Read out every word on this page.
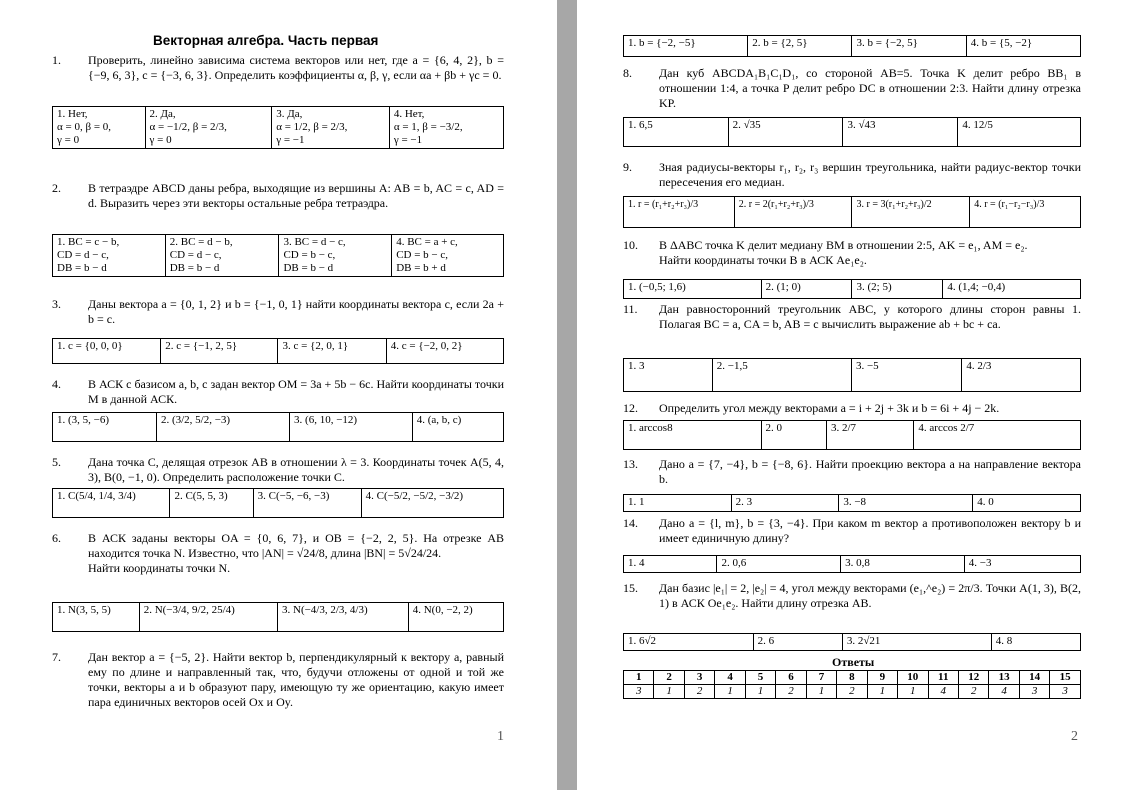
Векторная алгебра. Часть первая
1. Проверить, линейно зависима система векторов или нет, где a = {6, 4, 2}, b = {−9, 6, 3}, c = {−3, 6, 3}. Определить коэффициенты α, β, γ, если αa + βb + γc = 0.
1. Нет,
α = 0, β = 0,
γ = 0	2. Да,
α = −1/2, β = 2/3,
γ = 0	3. Да,
α = 1/2, β = 2/3,
γ = −1	4. Нет,
α = 1, β = −3/2,
γ = −1
2. В тетраэдре ABCD даны ребра, выходящие из вершины A: AB = b, AC = c, AD = d. Выразить через эти векторы остальные ребра тетраэдра.
1. BC = c − b,
CD = d − c,
DB = b − d	2. BC = d − b,
CD = d − c,
DB = b − d	3. BC = d − c,
CD = b − c,
DB = b − d	4. BC = a + c,
CD = b − c,
DB = b + d
3. Даны вектора a = {0, 1, 2} и b = {−1, 0, 1} найти координаты вектора c, если 2a + b = c.
1. c = {0, 0, 0}	2. c = {−1, 2, 5}	3. c = {2, 0, 1}	4. c = {−2, 0, 2}
4. В АСК с базисом a, b, c задан вектор OM = 3a + 5b − 6c. Найти координаты точки M в данной АСК.
1. (3, 5, −6)	2. (3/2, 5/2, −3)	3. (6, 10, −12)	4. (a, b, c)
5. Дана точка C, делящая отрезок AB в отношении λ = 3. Координаты точек A(5, 4, 3), B(0, −1, 0). Определить расположение точки C.
1. C(5/4, 1/4, 3/4)	2. C(5, 5, 3)	3. C(−5, −6, −3)	4. C(−5/2, −5/2, −3/2)
6. В АСК заданы векторы OA = {0, 6, 7}, и OB = {−2, 2, 5}. На отрезке AB находится точка N. Известно, что |AN| = √24/8, длина |BN| = 5√24/24.
Найти координаты точки N.
1. N(3, 5, 5)	2. N(−3/4, 9/2, 25/4)	3. N(−4/3, 2/3, 4/3)	4. N(0, −2, 2)
7. Дан вектор a = {−5, 2}. Найти вектор b, перпендикулярный к вектору a, равный ему по длине и направленный так, что, будучи отложены от одной и той же точки, векторы a и b образуют пару, имеющую ту же ориентацию, какую имеет пара единичных векторов осей Ox и Oy.
1
1. b = {−2, −5}	2. b = {2, 5}	3. b = {−2, 5}	4. b = {5, −2}
8. Дан куб ABCDA₁B₁C₁D₁, со стороной AB=5. Точка K делит ребро BB₁ в отношении 1:4, а точка P делит ребро DC в отношении 2:3. Найти длину отрезка KP.
1. 6,5	2. √35	3. √43	4. 12/5
9. Зная радиусы-векторы r₁, r₂, r₃ вершин треугольника, найти радиус-вектор точки пересечения его медиан.
1. r = (r₁+r₂+r₃)/3	2. r = 2(r₁+r₂+r₃)/3	3. r = 3(r₁+r₂+r₃)/2	4. r = (r₁−r₂−r₃)/3
10. В ΔABC точка K делит медиану BM в отношении 2:5, AK = e₁, AM = e₂.
Найти координаты точки B в АСК Ae₁e₂.
1. (−0,5; 1,6)	2. (1; 0)	3. (2; 5)	4. (1,4; −0,4)
11. Дан равносторонний треугольник ABC, у которого длины сторон равны 1. Полагая BC = a, CA = b, AB = c вычислить выражение ab + bc + ca.
1. 3	2. −1,5	3. −5	4. 2/3
12. Определить угол между векторами a = i + 2j + 3k и b = 6i + 4j − 2k.
1. arccos8	2. 0	3. 2/7	4. arccos 2/7
13. Дано a = {7, −4}, b = {−8, 6}. Найти проекцию вектора a на направление вектора b.
1. 1	2. 3	3. −8	4. 0
14. Дано a = {l, m}, b = {3, −4}. При каком m вектор a противоположен вектору b и имеет единичную длину?
1. 4	2. 0,6	3. 0,8	4. −3
15. Дан базис |e₁| = 2, |e₂| = 4, угол между векторами (e₁,^e₂) = 2π/3. Точки A(1, 3), B(2, 1) в АСК Oe₁e₂. Найти длину отрезка AB.
1. 6√2	2. 6	3. 2√21	4. 8
Ответы
1	2	3	4	5	6	7	8	9	10	11	12	13	14	15
3	1	2	1	1	2	1	2	1	1	4	2	4	3	3
2
